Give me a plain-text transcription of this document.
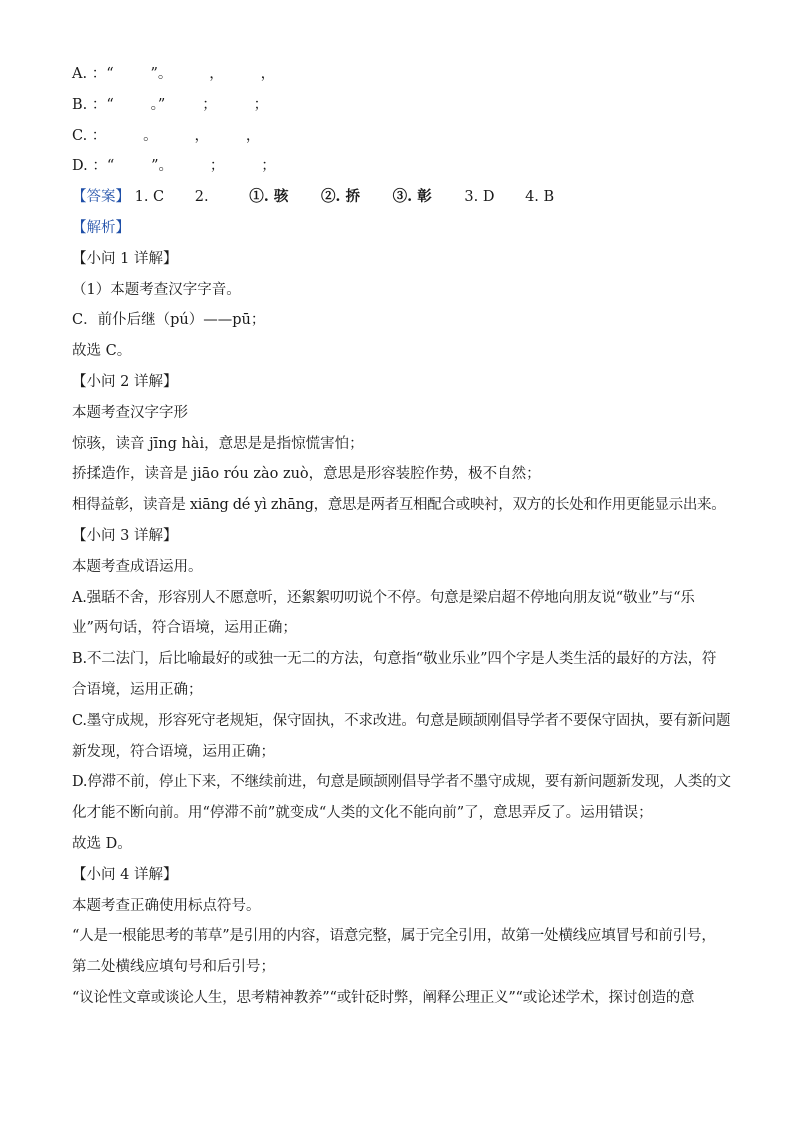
A. ：“        ”。        ，        ，
B. ：“        。”        ；        ；
C. ：        。        ，        ，
D. ：“        ”。        ；        ；
【答案】 1. C 2.	①. 骇 ②. 挢 ③. 彰 3. D 4. B
【解析】
【小问 1 详解】
（1）本题考查汉字字音。
C．前仆后继（pú）——pū；
故选 C。
【小问 2 详解】
本题考查汉字字形
惊骇，读音 jīng hài，意思是是指惊慌害怕；
挢揉造作，读音是 jiāo róu zào zuò，意思是形容装腔作势，极不自然；
相得益彰，读音是 xiāng dé yì zhāng，意思是两者互相配合或映衬，双方的长处和作用更能显示出来。
【小问 3 详解】
本题考查成语运用。
A.强聒不舍，形容別人不愿意听，还絮絮叨叨说个不停。句意是梁启超不停地向朋友说“敬业”与“乐
业”两句话，符合语境，运用正确；
B.不二法门，后比喻最好的或独一无二的方法，句意指“敬业乐业”四个字是人类生活的最好的方法，符
合语境，运用正确；
C.墨守成规，形容死守老规矩，保守固执，不求改进。句意是顾颉刚倡导学者不要保守固执，要有新问题
新发现，符合语境，运用正确；
D.停滞不前，停止下来，不继续前进，句意是顾颉刚倡导学者不墨守成规，要有新问题新发现，人类的文
化才能不断向前。用“停滞不前”就变成“人类的文化不能向前”了，意思弄反了。运用错误；
故选 D。
【小问 4 详解】
本题考查正确使用标点符号。
“人是一根能思考的苇草”是引用的内容，语意完整，属于完全引用，故第一处横线应填冒号和前引号，
第二处横线应填句号和后引号；
“议论性文章或谈论人生，思考精神教养”“或针砭时弊，阐释公理正义”“或论述学术，探讨创造的意
